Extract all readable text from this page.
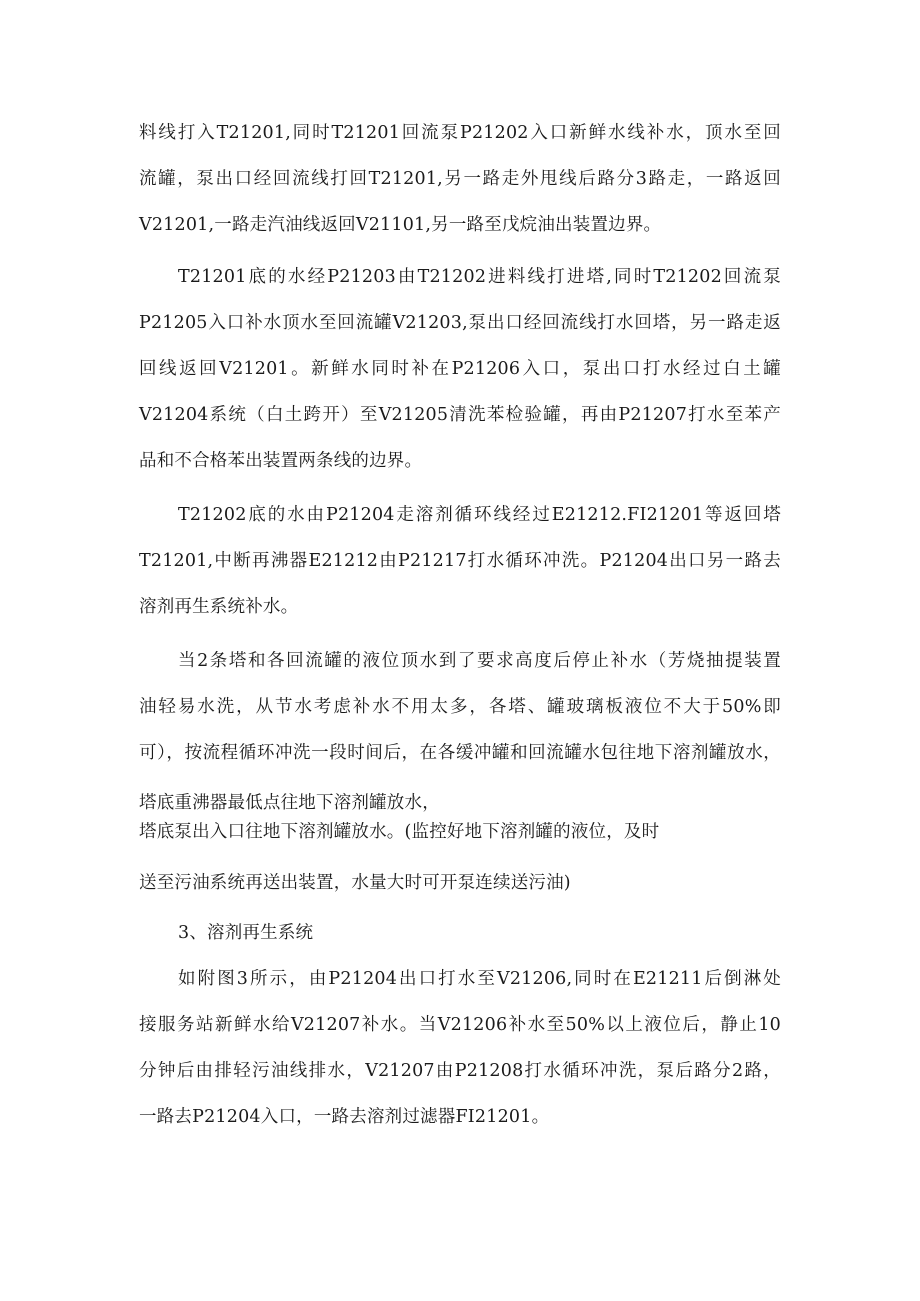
料线打入T21201,同时T21201回流泵P21202入口新鲜水线补水，顶水至回
流罐，泵出口经回流线打回T21201,另一路走外甩线后路分3路走，一路返回
V21201,一路走汽油线返回V21101,另一路至戊烷油出装置边界。
T21201底的水经P21203由T21202进料线打进塔,同时T21202回流泵
P21205入口补水顶水至回流罐V21203,泵出口经回流线打水回塔，另一路走返
回线返回V21201。新鲜水同时补在P21206入口，泵出口打水经过白土罐
V21204系统（白土跨开）至V21205清洗苯检验罐，再由P21207打水至苯产
品和不合格苯出装置两条线的边界。
T21202底的水由P21204走溶剂循环线经过E21212.FI21201等返回塔
T21201,中断再沸器E21212由P21217打水循环冲洗。P21204出口另一路去
溶剂再生系统补水。
当2条塔和各回流罐的液位顶水到了要求高度后停止补水（芳烧抽提装置
油轻易水洗，从节水考虑补水不用太多，各塔、罐玻璃板液位不大于50%即
可），按流程循环冲洗一段时间后，在各缓冲罐和回流罐水包往地下溶剂罐放水，
塔底重沸器最低点往地下溶剂罐放水，
塔底泵出入口往地下溶剂罐放水。(监控好地下溶剂罐的液位，及时
送至污油系统再送出装置，水量大时可开泵连续送污油)
3、溶剂再生系统
如附图3所示，由P21204出口打水至V21206,同时在E21211后倒淋处
接服务站新鲜水给V21207补水。当V21206补水至50%以上液位后，静止10
分钟后由排轻污油线排水，V21207由P21208打水循环冲洗，泵后路分2路，
一路去P21204入口，一路去溶剂过滤器FI21201。
